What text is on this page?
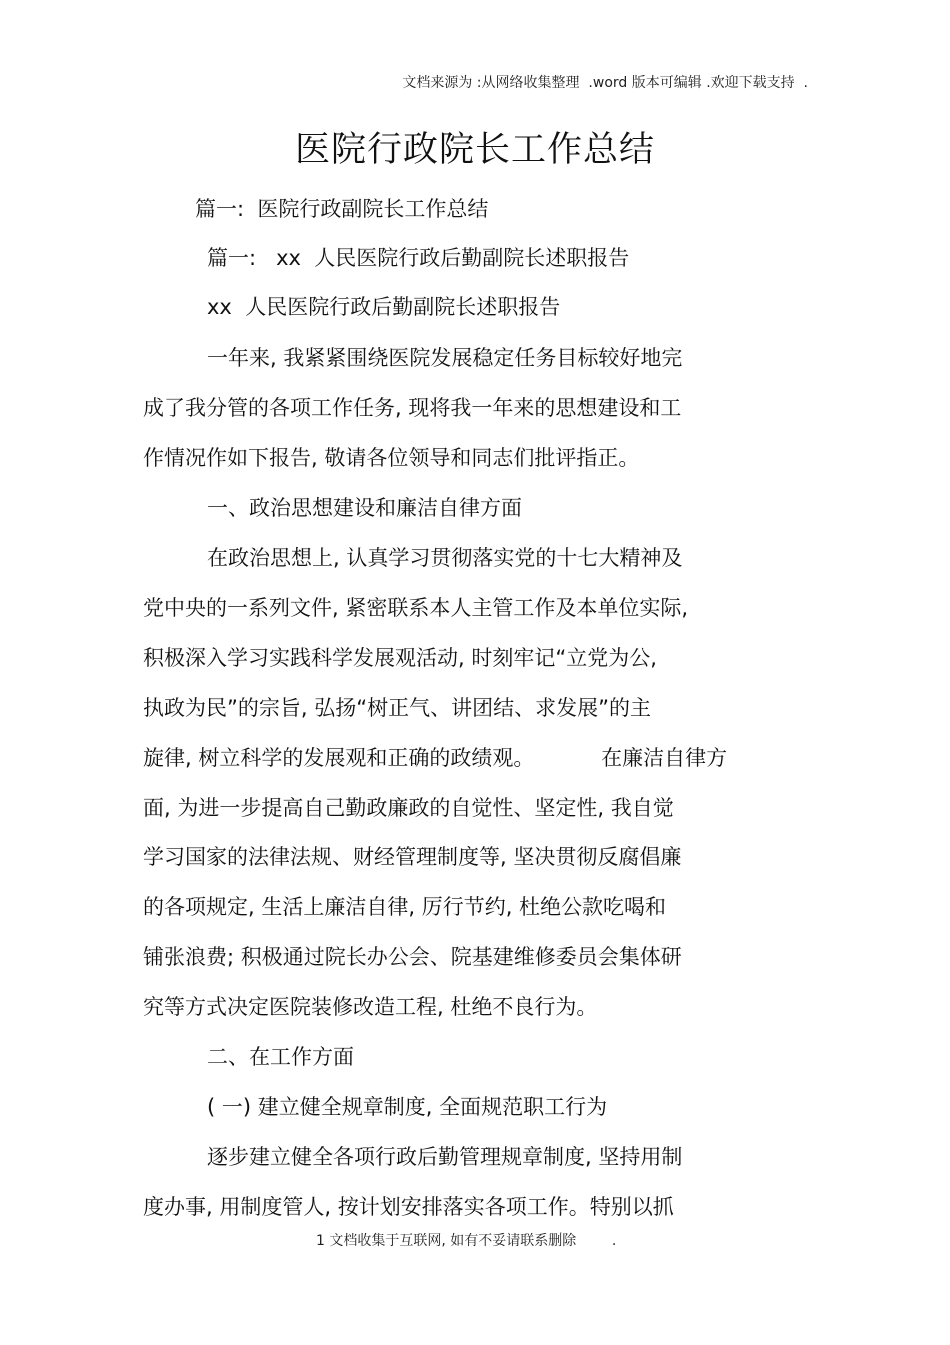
文档来源为 :从网络收集整理  .word 版本可编辑 .欢迎下载支持  .
医院行政院长工作总结
篇一:  医院行政副院长工作总结
篇一:   xx  人民医院行政后勤副院长述职报告
xx  人民医院行政后勤副院长述职报告
一年来, 我紧紧围绕医院发展稳定任务目标较好地完
成了我分管的各项工作任务, 现将我一年来的思想建设和工
作情况作如下报告, 敬请各位领导和同志们批评指正。
一、政治思想建设和廉洁自律方面
在政治思想上, 认真学习贯彻落实党的十七大精神及
党中央的一系列文件, 紧密联系本人主管工作及本单位实际,
积极深入学习实践科学发展观活动, 时刻牢记“立党为公,
执政为民”的宗旨, 弘扬“树正气、讲团结、求发展”的主
旋律, 树立科学的发展观和正确的政绩观。          在廉洁自律方
面, 为进一步提高自己勤政廉政的自觉性、坚定性, 我自觉
学习国家的法律法规、财经管理制度等, 坚决贯彻反腐倡廉
的各项规定, 生活上廉洁自律, 厉行节约, 杜绝公款吃喝和
铺张浪费; 积极通过院长办公会、院基建维修委员会集体研
究等方式决定医院装修改造工程, 杜绝不良行为。
二、在工作方面
( 一) 建立健全规章制度, 全面规范职工行为
逐步建立健全各项行政后勤管理规章制度, 坚持用制
度办事, 用制度管人, 按计划安排落实各项工作。特别以抓
1 文档收集于互联网, 如有不妥请联系删除        .
